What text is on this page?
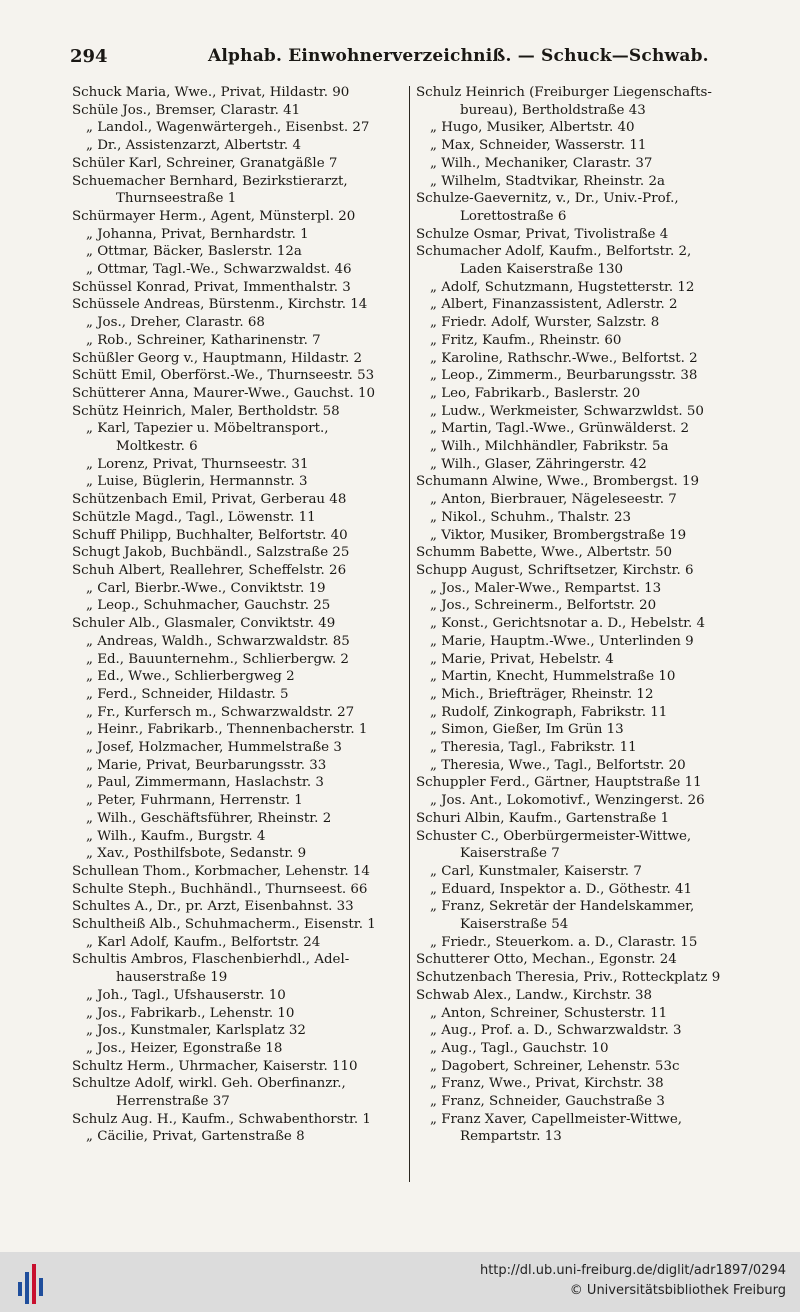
294	Alphab. Einwohnerverzeichniß. — Schuck—Schwab.
Schuck Maria, Wwe., Privat, Hildastr. 90
Schüle Jos., Bremser, Clarastr. 41
„ Landol., Wagenwärtergeh., Eisenbst. 27
„ Dr., Assistenzarzt, Albertstr. 4
Schüler Karl, Schreiner, Granatgäßle 7
Schuemacher Bernhard, Bezirkstierarzt,
Thurnseestraße 1
Schürmayer Herm., Agent, Münsterpl. 20
„ Johanna, Privat, Bernhardstr. 1
„ Ottmar, Bäcker, Baslerstr. 12a
„ Ottmar, Tagl.-We., Schwarzwaldst. 46
Schüssel Konrad, Privat, Immenthalstr. 3
Schüssele Andreas, Bürstenm., Kirchstr. 14
„ Jos., Dreher, Clarastr. 68
„ Rob., Schreiner, Katharinenstr. 7
Schüßler Georg v., Hauptmann, Hildastr. 2
Schütt Emil, Oberförst.-We., Thurnseestr. 53
Schütterer Anna, Maurer-Wwe., Gauchst. 10
Schütz Heinrich, Maler, Bertholdstr. 58
„ Karl, Tapezier u. Möbeltransport.,
Moltkestr. 6
„ Lorenz, Privat, Thurnseestr. 31
„ Luise, Büglerin, Hermannstr. 3
Schützenbach Emil, Privat, Gerberau 48
Schützle Magd., Tagl., Löwenstr. 11
Schuff Philipp, Buchhalter, Belfortstr. 40
Schugt Jakob, Buchbändl., Salzstraße 25
Schuh Albert, Reallehrer, Scheffelstr. 26
„ Carl, Bierbr.-Wwe., Conviktstr. 19
„ Leop., Schuhmacher, Gauchstr. 25
Schuler Alb., Glasmaler, Conviktstr. 49
„ Andreas, Waldh., Schwarzwaldstr. 85
„ Ed., Bauunternehm., Schlierbergw. 2
„ Ed., Wwe., Schlierbergweg 2
„ Ferd., Schneider, Hildastr. 5
„ Fr., Kurfersch m., Schwarzwaldstr. 27
„ Heinr., Fabrikarb., Thennenbacherstr. 1
„ Josef, Holzmacher, Hummelstraße 3
„ Marie, Privat, Beurbarungsstr. 33
„ Paul, Zimmermann, Haslachstr. 3
„ Peter, Fuhrmann, Herrenstr. 1
„ Wilh., Geschäftsführer, Rheinstr. 2
„ Wilh., Kaufm., Burgstr. 4
„ Xav., Posthilfsbote, Sedanstr. 9
Schullean Thom., Korbmacher, Lehenstr. 14
Schulte Steph., Buchhändl., Thurnseest. 66
Schultes A., Dr., pr. Arzt, Eisenbahnst. 33
Schultheiß Alb., Schuhmacherm., Eisenstr. 1
„ Karl Adolf, Kaufm., Belfortstr. 24
Schultis Ambros, Flaschenbierhdl., Adel-
hauserstraße 19
„ Joh., Tagl., Ufshauserstr. 10
„ Jos., Fabrikarb., Lehenstr. 10
„ Jos., Kunstmaler, Karlsplatz 32
„ Jos., Heizer, Egonstraße 18
Schultz Herm., Uhrmacher, Kaiserstr. 110
Schultze Adolf, wirkl. Geh. Oberfinanzr.,
Herrenstraße 37
Schulz Aug. H., Kaufm., Schwabenthorstr. 1
„ Cäcilie, Privat, Gartenstraße 8
Schulz Heinrich (Freiburger Liegenschafts-
bureau), Bertholdstraße 43
„ Hugo, Musiker, Albertstr. 40
„ Max, Schneider, Wasserstr. 11
„ Wilh., Mechaniker, Clarastr. 37
„ Wilhelm, Stadtvikar, Rheinstr. 2a
Schulze-Gaevernitz, v., Dr., Univ.-Prof.,
Lorettostraße 6
Schulze Osmar, Privat, Tivolistraße 4
Schumacher Adolf, Kaufm., Belfortstr. 2,
Laden Kaiserstraße 130
„ Adolf, Schutzmann, Hugstetterstr. 12
„ Albert, Finanzassistent, Adlerstr. 2
„ Friedr. Adolf, Wurster, Salzstr. 8
„ Fritz, Kaufm., Rheinstr. 60
„ Karoline, Rathschr.-Wwe., Belfortst. 2
„ Leop., Zimmerm., Beurbarungsstr. 38
„ Leo, Fabrikarb., Baslerstr. 20
„ Ludw., Werkmeister, Schwarzwldst. 50
„ Martin, Tagl.-Wwe., Grünwälderst. 2
„ Wilh., Milchhändler, Fabrikstr. 5a
„ Wilh., Glaser, Zähringerstr. 42
Schumann Alwine, Wwe., Brombergst. 19
„ Anton, Bierbrauer, Nägeleseestr. 7
„ Nikol., Schuhm., Thalstr. 23
„ Viktor, Musiker, Brombergstraße 19
Schumm Babette, Wwe., Albertstr. 50
Schupp August, Schriftsetzer, Kirchstr. 6
„ Jos., Maler-Wwe., Rempartst. 13
„ Jos., Schreinerm., Belfortstr. 20
„ Konst., Gerichtsnotar a. D., Hebelstr. 4
„ Marie, Hauptm.-Wwe., Unterlinden 9
„ Marie, Privat, Hebelstr. 4
„ Martin, Knecht, Hummelstraße 10
„ Mich., Briefträger, Rheinstr. 12
„ Rudolf, Zinkograph, Fabrikstr. 11
„ Simon, Gießer, Im Grün 13
„ Theresia, Tagl., Fabrikstr. 11
„ Theresia, Wwe., Tagl., Belfortstr. 20
Schuppler Ferd., Gärtner, Hauptstraße 11
„ Jos. Ant., Lokomotivf., Wenzingerst. 26
Schuri Albin, Kaufm., Gartenstraße 1
Schuster C., Oberbürgermeister-Wittwe,
Kaiserstraße 7
„ Carl, Kunstmaler, Kaiserstr. 7
„ Eduard, Inspektor a. D., Göthestr. 41
„ Franz, Sekretär der Handelskammer,
Kaiserstraße 54
„ Friedr., Steuerkom. a. D., Clarastr. 15
Schutterer Otto, Mechan., Egonstr. 24
Schutzenbach Theresia, Priv., Rotteckplatz 9
Schwab Alex., Landw., Kirchstr. 38
„ Anton, Schreiner, Schusterstr. 11
„ Aug., Prof. a. D., Schwarzwaldstr. 3
„ Aug., Tagl., Gauchstr. 10
„ Dagobert, Schreiner, Lehenstr. 53c
„ Franz, Wwe., Privat, Kirchstr. 38
„ Franz, Schneider, Gauchstraße 3
„ Franz Xaver, Capellmeister-Wittwe,
Rempartstr. 13
http://dl.ub.uni-freiburg.de/diglit/adr1897/0294
© Universitätsbibliothek Freiburg
